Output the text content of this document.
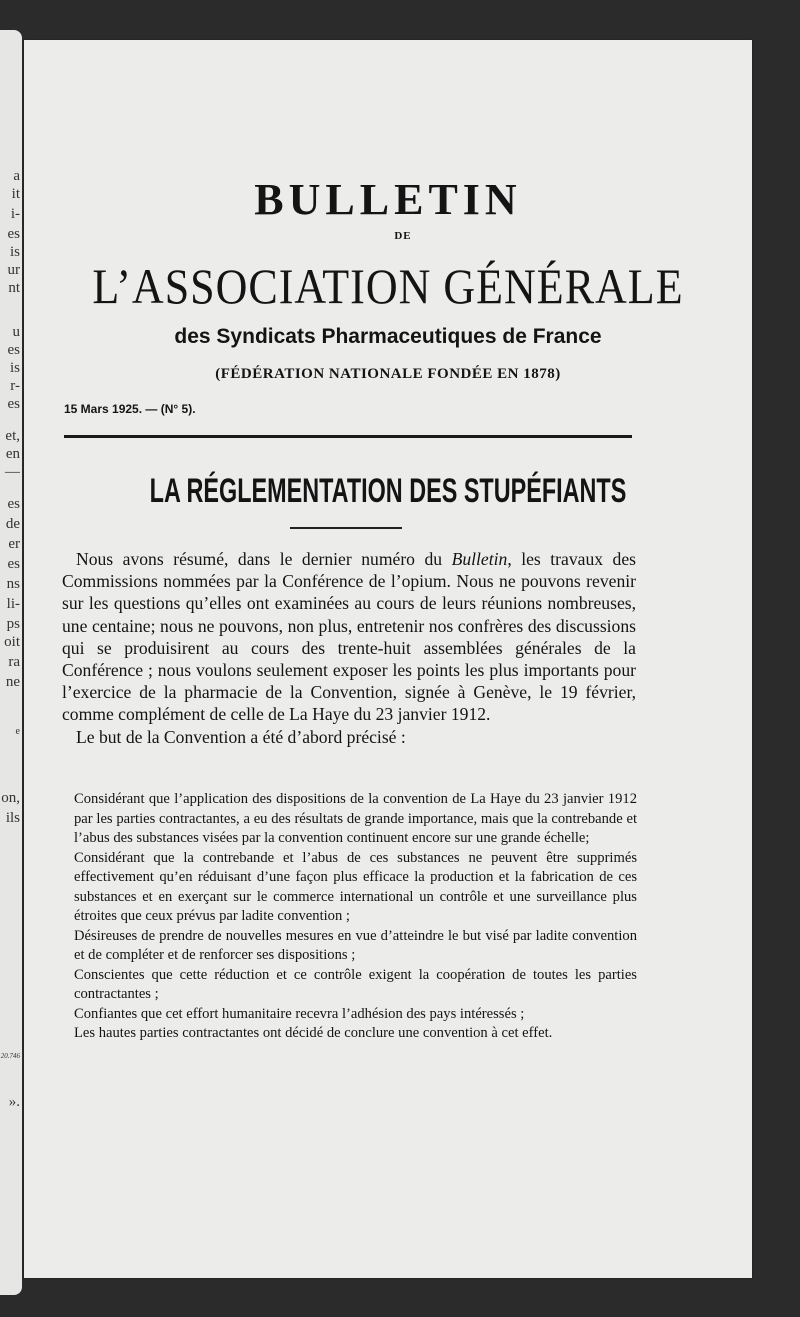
a
it
i-
es
is
ur
nt
u
es
is
r-
es
et,
en
—
es
de
er
es
ns
li-
ps
oit
ra
ne
e
on,
ils
20.746
».
BULLETIN
DE
L’ASSOCIATION GÉNÉRALE
des Syndicats Pharmaceutiques de France
(FÉDÉRATION NATIONALE FONDÉE EN 1878)
15 Mars 1925. — (N° 5).
LA RÉGLEMENTATION DES STUPÉFIANTS

Nous avons résumé, dans le dernier numéro du Bulletin, les travaux des Commissions nommées par la Conférence de l’opium. Nous ne pouvons revenir sur les questions qu’elles ont examinées au cours de leurs réunions nombreuses, une centaine; nous ne pouvons, non plus, entretenir nos confrères des discussions qui se produisirent au cours des trente-huit assemblées générales de la Conférence ; nous voulons seulement exposer les points les plus importants pour l’exercice de la pharmacie de la Convention, signée à Genève, le 19 février, comme complément de celle de La Haye du 23 janvier 1912.

Le but de la Convention a été d’abord précisé :

Considérant que l’application des dispositions de la convention de La Haye du 23 janvier 1912 par les parties contractantes, a eu des résultats de grande importance, mais que la contrebande et l’abus des substances visées par la convention continuent encore sur une grande échelle;

Considérant que la contrebande et l’abus de ces substances ne peuvent être supprimés effectivement qu’en réduisant d’une façon plus efficace la production et la fabrication de ces substances et en exerçant sur le commerce international un contrôle et une surveillance plus étroites que ceux prévus par ladite convention ;

Désireuses de prendre de nouvelles mesures en vue d’atteindre le but visé par ladite convention et de compléter et de renforcer ses dispositions ;

Conscientes que cette réduction et ce contrôle exigent la coopération de toutes les parties contractantes ;

Confiantes que cet effort humanitaire recevra l’adhésion des pays intéressés ;

Les hautes parties contractantes ont décidé de conclure une convention à cet effet.
